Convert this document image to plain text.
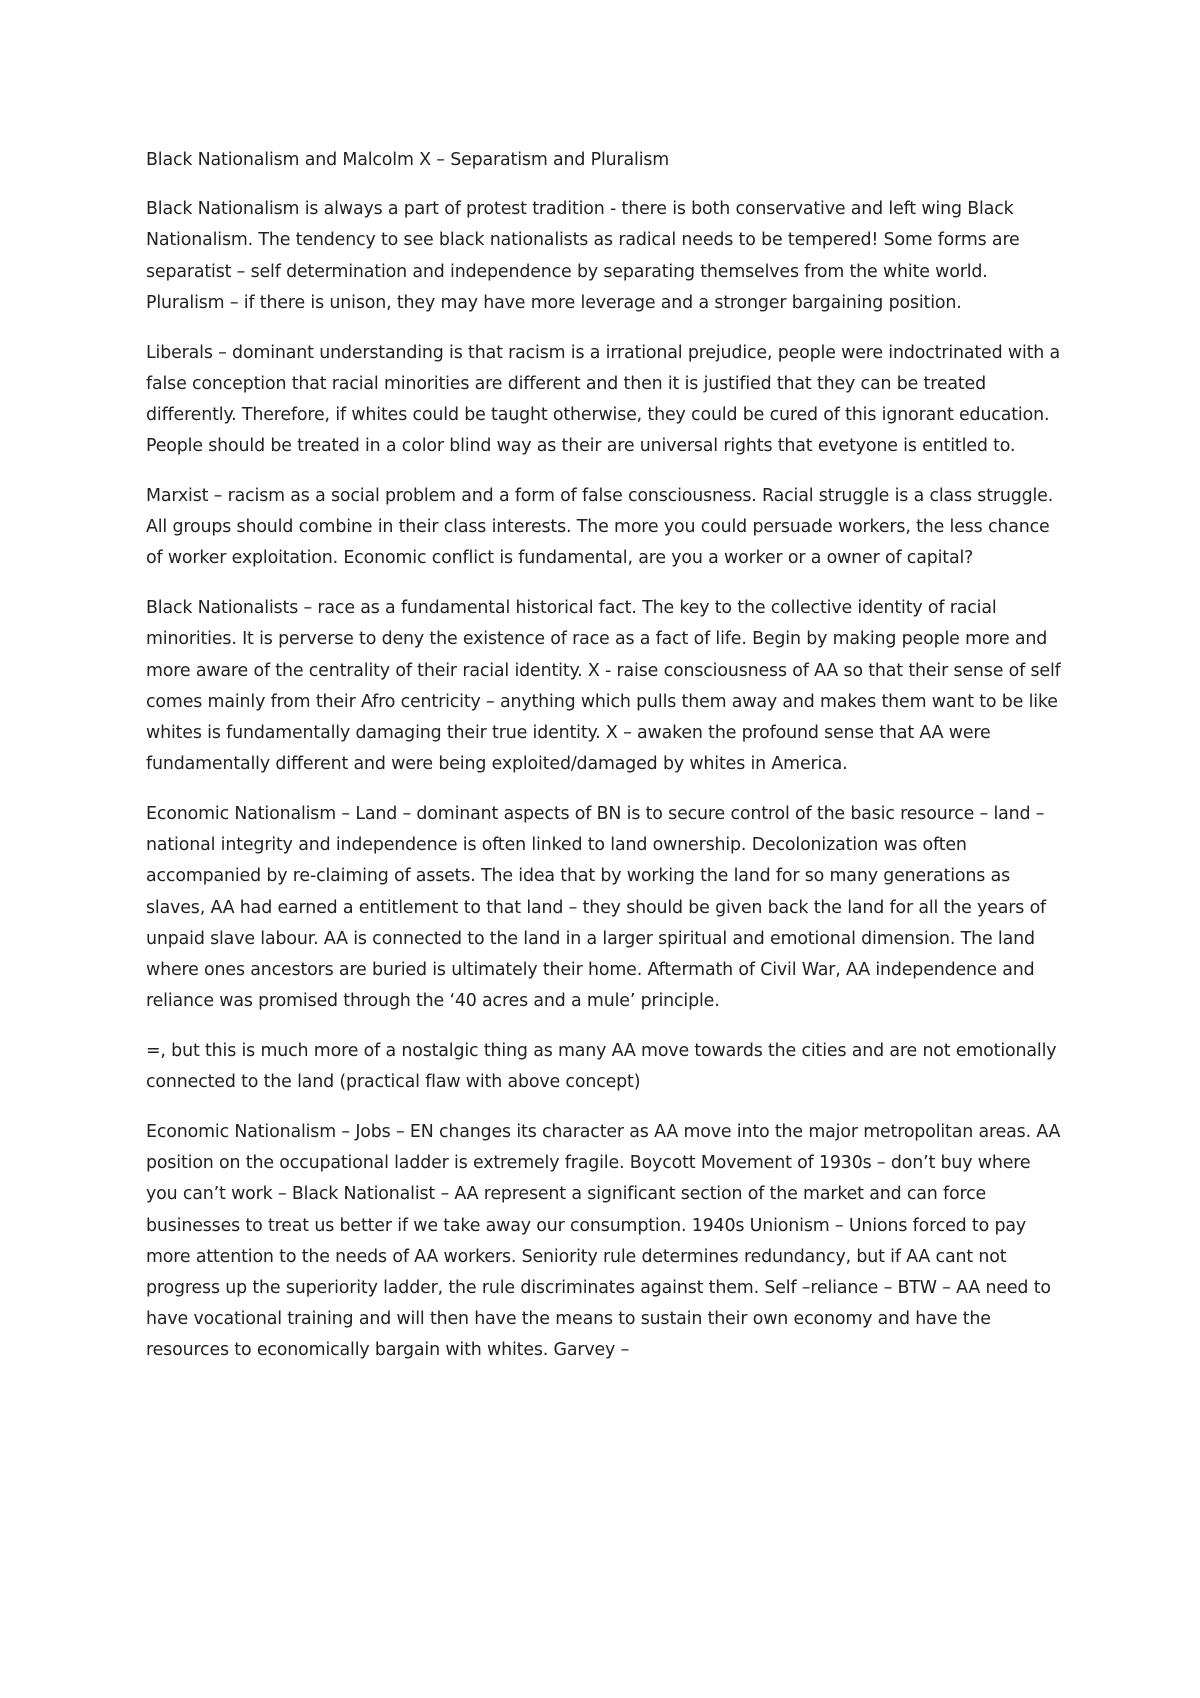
Black Nationalism and Malcolm X – Separatism and Pluralism

Black Nationalism is always a part of protest tradition - there is both conservative and left wing Black Nationalism. The tendency to see black nationalists as radical needs to be tempered! Some forms are separatist – self determination and independence by separating themselves from the white world. Pluralism – if there is unison, they may have more leverage and a stronger bargaining position.

Liberals – dominant understanding is that racism is a irrational prejudice, people were indoctrinated with a false conception that racial minorities are different and then it is justified that they can be treated differently. Therefore, if whites could be taught otherwise, they could be cured of this ignorant education. People should be treated in a color blind way as their are universal rights that evetyone is entitled to.

Marxist – racism as a social problem and a form of false consciousness. Racial struggle is a class struggle. All groups should combine in their class interests. The more you could persuade workers, the less chance of worker exploitation. Economic conflict is fundamental, are you a worker or a owner of capital?

Black Nationalists – race as a fundamental historical fact. The key to the collective identity of racial minorities. It is perverse to deny the existence of race as a fact of life. Begin by making people more and more aware of the centrality of their racial identity. X - raise consciousness of AA so that their sense of self comes mainly from their Afro centricity – anything which pulls them away and makes them want to be like whites is fundamentally damaging their true identity. X – awaken the profound sense that AA were fundamentally different and were being exploited/damaged by whites in America.

Economic Nationalism – Land – dominant aspects of BN is to secure control of the basic resource – land – national integrity and independence is often linked to land ownership. Decolonization was often accompanied by re-claiming of assets. The idea that by working the land for so many generations as slaves, AA had earned a entitlement to that land – they should be given back the land for all the years of unpaid slave labour. AA is connected to the land in a larger spiritual and emotional dimension. The land where ones ancestors are buried is ultimately their home. Aftermath of Civil War, AA independence and reliance was promised through the ‘40 acres and a mule’ principle.

=, but this is much more of a nostalgic thing as many AA move towards the cities and are not emotionally connected to the land (practical flaw with above concept)

Economic Nationalism – Jobs – EN changes its character as AA move into the major metropolitan areas. AA position on the occupational ladder is extremely fragile. Boycott Movement of 1930s – don’t buy where you can’t work – Black Nationalist – AA represent a significant section of the market and can force businesses to treat us better if we take away our consumption. 1940s Unionism – Unions forced to pay more attention to the needs of AA workers. Seniority rule determines redundancy, but if AA cant not progress up the superiority ladder, the rule discriminates against them. Self –reliance – BTW – AA need to have vocational training and will then have the means to sustain their own economy and have the resources to economically bargain with whites. Garvey –
